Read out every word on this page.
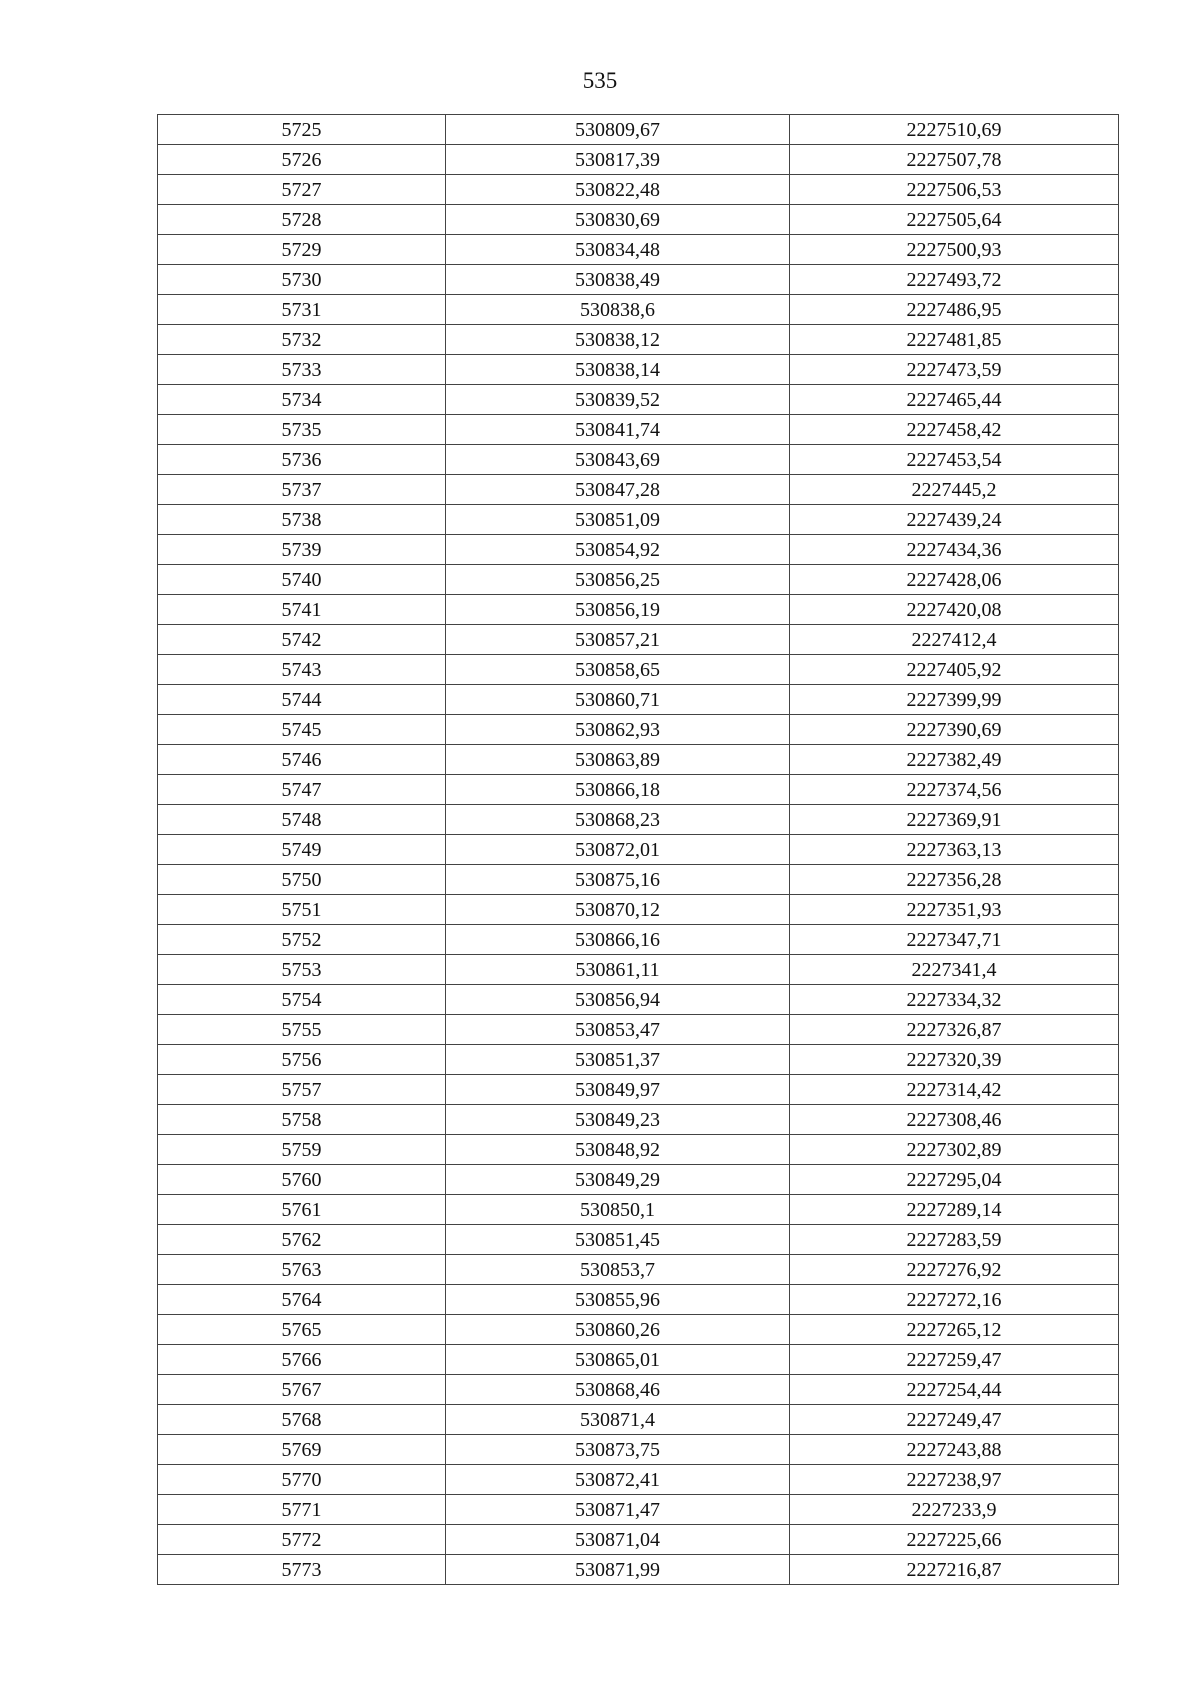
535
5725	530809,67	2227510,69
5726	530817,39	2227507,78
5727	530822,48	2227506,53
5728	530830,69	2227505,64
5729	530834,48	2227500,93
5730	530838,49	2227493,72
5731	530838,6	2227486,95
5732	530838,12	2227481,85
5733	530838,14	2227473,59
5734	530839,52	2227465,44
5735	530841,74	2227458,42
5736	530843,69	2227453,54
5737	530847,28	2227445,2
5738	530851,09	2227439,24
5739	530854,92	2227434,36
5740	530856,25	2227428,06
5741	530856,19	2227420,08
5742	530857,21	2227412,4
5743	530858,65	2227405,92
5744	530860,71	2227399,99
5745	530862,93	2227390,69
5746	530863,89	2227382,49
5747	530866,18	2227374,56
5748	530868,23	2227369,91
5749	530872,01	2227363,13
5750	530875,16	2227356,28
5751	530870,12	2227351,93
5752	530866,16	2227347,71
5753	530861,11	2227341,4
5754	530856,94	2227334,32
5755	530853,47	2227326,87
5756	530851,37	2227320,39
5757	530849,97	2227314,42
5758	530849,23	2227308,46
5759	530848,92	2227302,89
5760	530849,29	2227295,04
5761	530850,1	2227289,14
5762	530851,45	2227283,59
5763	530853,7	2227276,92
5764	530855,96	2227272,16
5765	530860,26	2227265,12
5766	530865,01	2227259,47
5767	530868,46	2227254,44
5768	530871,4	2227249,47
5769	530873,75	2227243,88
5770	530872,41	2227238,97
5771	530871,47	2227233,9
5772	530871,04	2227225,66
5773	530871,99	2227216,87
